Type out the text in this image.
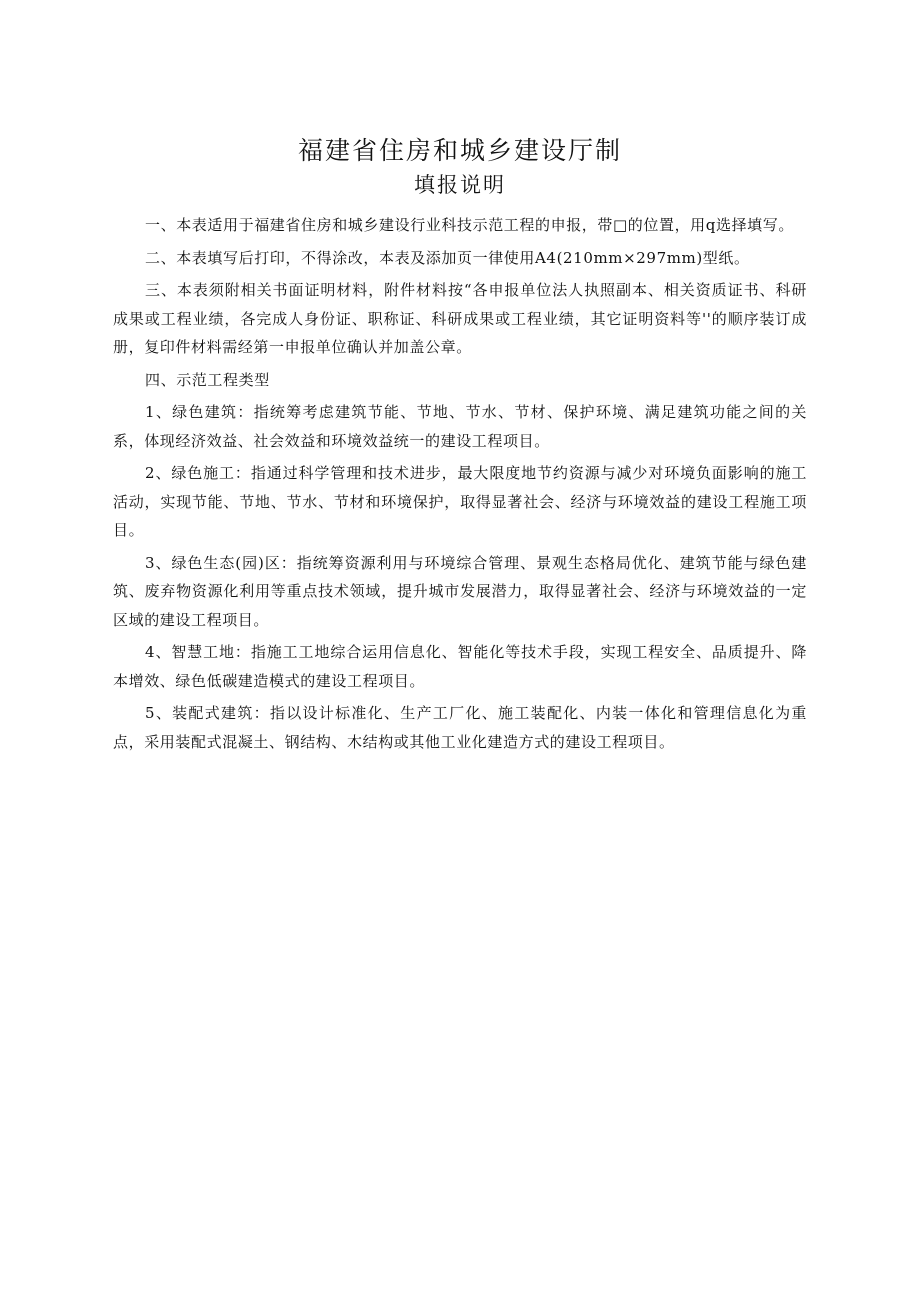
福建省住房和城乡建设厅制
填报说明

一、本表适用于福建省住房和城乡建设行业科技示范工程的申报，带□的位置，用q选择填写。

二、本表填写后打印，不得涂改，本表及添加页一律使用A4(210mm×297mm)型纸。

三、本表须附相关书面证明材料，附件材料按“各申报单位法人执照副本、相关资质证书、科研成果或工程业绩，各完成人身份证、职称证、科研成果或工程业绩，其它证明资料等''的顺序装订成册，复印件材料需经第一申报单位确认并加盖公章。

四、示范工程类型

1、绿色建筑：指统筹考虑建筑节能、节地、节水、节材、保护环境、满足建筑功能之间的关系，体现经济效益、社会效益和环境效益统一的建设工程项目。

2、绿色施工：指通过科学管理和技术进步，最大限度地节约资源与减少对环境负面影响的施工活动，实现节能、节地、节水、节材和环境保护，取得显著社会、经济与环境效益的建设工程施工项目。

3、绿色生态(园)区：指统筹资源利用与环境综合管理、景观生态格局优化、建筑节能与绿色建筑、废弃物资源化利用等重点技术领域，提升城市发展潜力，取得显著社会、经济与环境效益的一定区域的建设工程项目。

4、智慧工地：指施工工地综合运用信息化、智能化等技术手段，实现工程安全、品质提升、降本增效、绿色低碳建造模式的建设工程项目。

5、装配式建筑：指以设计标准化、生产工厂化、施工装配化、内装一体化和管理信息化为重点，采用装配式混凝土、钢结构、木结构或其他工业化建造方式的建设工程项目。
